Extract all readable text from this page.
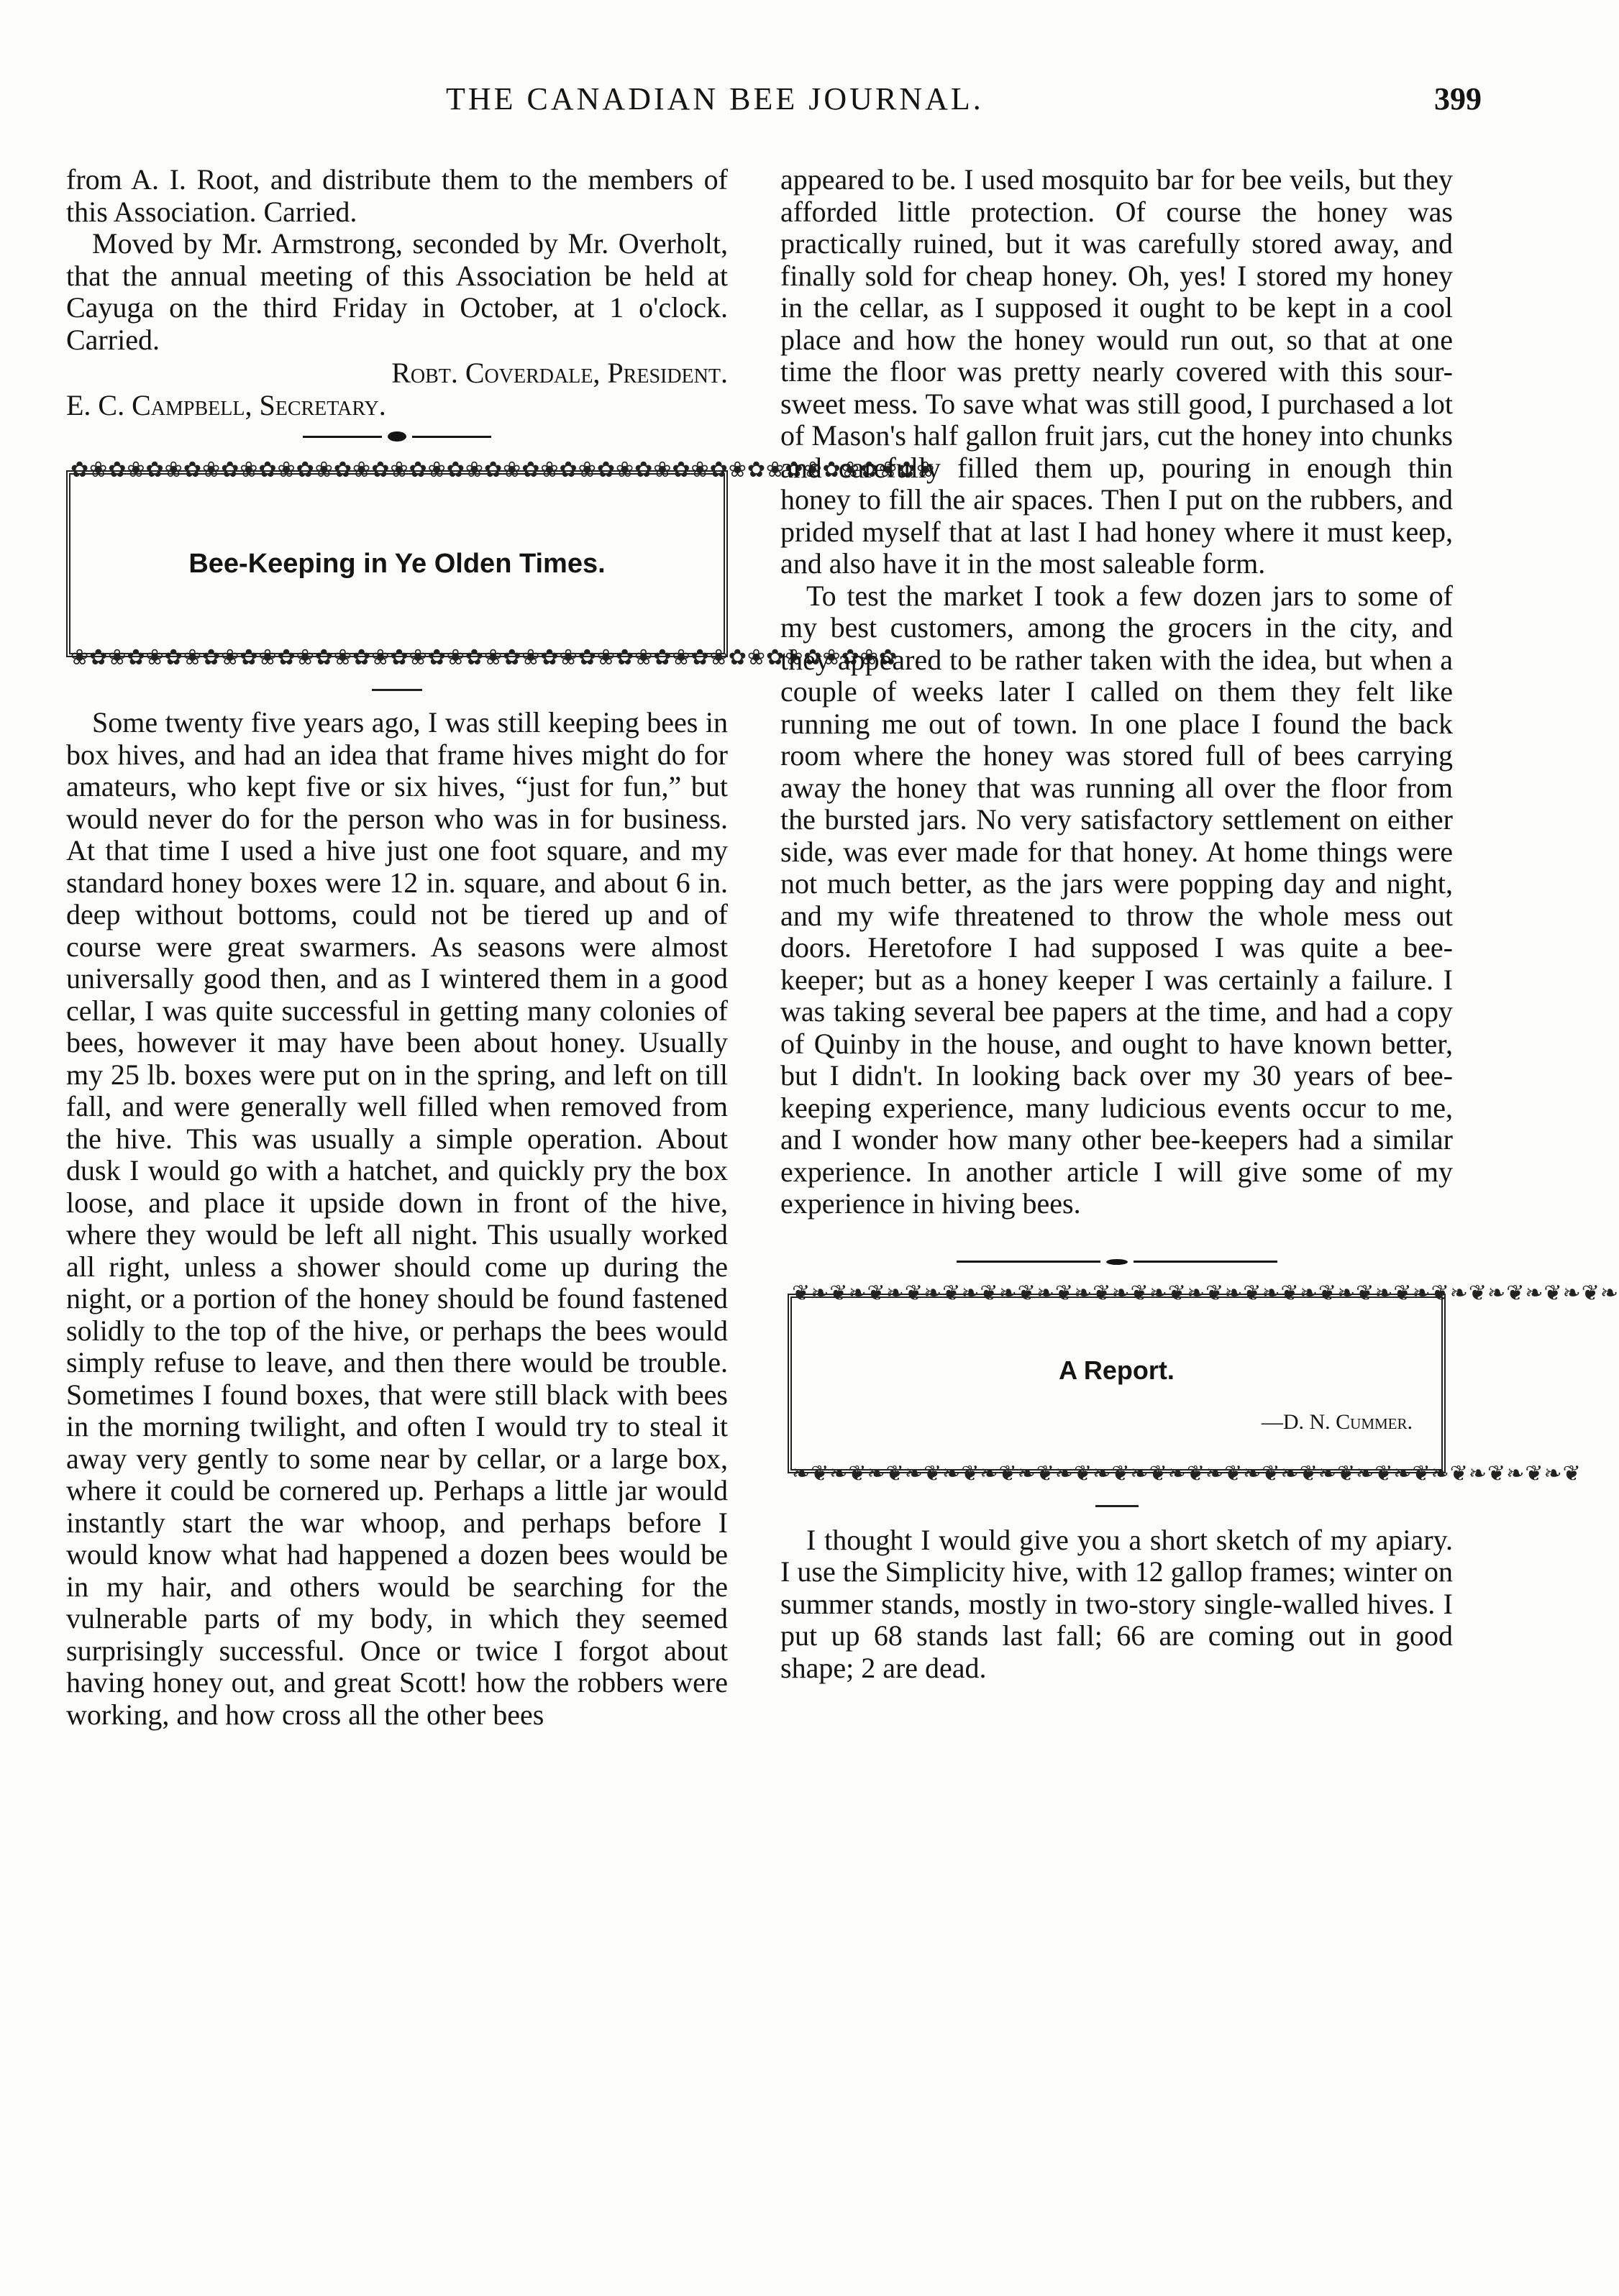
THE CANADIAN BEE JOURNAL.	399

from A. I. Root, and distribute them to the members of this Association. Carried.

Moved by Mr. Armstrong, seconded by Mr. Overholt, that the annual meeting of this Association be held at Cayuga on the third Friday in October, at 1 o'clock. Carried.

Robt. Coverdale, President.

E. C. Campbell, Secretary.

✿❀✿❀✿❀✿❀✿❀✿❀✿❀✿❀✿❀✿❀✿❀✿❀✿❀✿❀✿❀✿❀✿❀✿❀✿❀✿❀✿❀✿❀✿❀
Bee-Keeping in Ye Olden Times.
❀✿❀✿❀✿❀✿❀✿❀✿❀✿❀✿❀✿❀✿❀✿❀✿❀✿❀✿❀✿❀✿❀✿❀✿❀✿❀✿❀✿❀✿

Some twenty five years ago, I was still keeping bees in box hives, and had an idea that frame hives might do for amateurs, who kept five or six hives, “just for fun,” but would never do for the person who was in for business. At that time I used a hive just one foot square, and my standard honey boxes were 12 in. square, and about 6 in. deep without bottoms, could not be tiered up and of course were great swarmers. As seasons were almost universally good then, and as I wintered them in a good cellar, I was quite successful in getting many colonies of bees, however it may have been about honey. Usually my 25 lb. boxes were put on in the spring, and left on till fall, and were generally well filled when removed from the hive. This was usually a simple operation. About dusk I would go with a hatchet, and quickly pry the box loose, and place it upside down in front of the hive, where they would be left all night. This usually worked all right, unless a shower should come up during the night, or a portion of the honey should be found fastened solidly to the top of the hive, or perhaps the bees would simply refuse to leave, and then there would be trouble. Sometimes I found boxes, that were still black with bees in the morning twilight, and often I would try to steal it away very gently to some near by cellar, or a large box, where it could be cornered up. Perhaps a little jar would instantly start the war whoop, and perhaps before I would know what had happened a dozen bees would be in my hair, and others would be searching for the vulnerable parts of my body, in which they seemed surprisingly successful. Once or twice I forgot about having honey out, and great Scott! how the robbers were working, and how cross all the other bees

appeared to be. I used mosquito bar for bee veils, but they afforded little protection. Of course the honey was practically ruined, but it was carefully stored away, and finally sold for cheap honey. Oh, yes! I stored my honey in the cellar, as I supposed it ought to be kept in a cool place and how the honey would run out, so that at one time the floor was pretty nearly covered with this sour-sweet mess. To save what was still good, I purchased a lot of Mason's half gallon fruit jars, cut the honey into chunks and carefully filled them up, pouring in enough thin honey to fill the air spaces. Then I put on the rubbers, and prided myself that at last I had honey where it must keep, and also have it in the most saleable form.

To test the market I took a few dozen jars to some of my best customers, among the grocers in the city, and they appeared to be rather taken with the idea, but when a couple of weeks later I called on them they felt like running me out of town. In one place I found the back room where the honey was stored full of bees carrying away the honey that was running all over the floor from the bursted jars. No very satisfactory settlement on either side, was ever made for that honey. At home things were not much better, as the jars were popping day and night, and my wife threatened to throw the whole mess out doors. Heretofore I had supposed I was quite a bee-keeper; but as a honey keeper I was certainly a failure. I was taking several bee papers at the time, and had a copy of Quinby in the house, and ought to have known better, but I didn't. In looking back over my 30 years of bee-keeping experience, many ludicious events occur to me, and I wonder how many other bee-keepers had a similar experience. In another article I will give some of my experience in hiving bees.

❦❧❦❧❦❧❦❧❦❧❦❧❦❧❦❧❦❧❦❧❦❧❦❧❦❧❦❧❦❧❦❧❦❧❦❧❦❧❦❧❦❧❦❧
A Report.
—D. N. Cummer.
❧❦❧❦❧❦❧❦❧❦❧❦❧❦❧❦❧❦❧❦❧❦❧❦❧❦❧❦❧❦❧❦❧❦❧❦❧❦❧❦❧❦

I thought I would give you a short sketch of my apiary. I use the Simplicity hive, with 12 gallop frames; winter on summer stands, mostly in two-story single-walled hives. I put up 68 stands last fall; 66 are coming out in good shape; 2 are dead.
